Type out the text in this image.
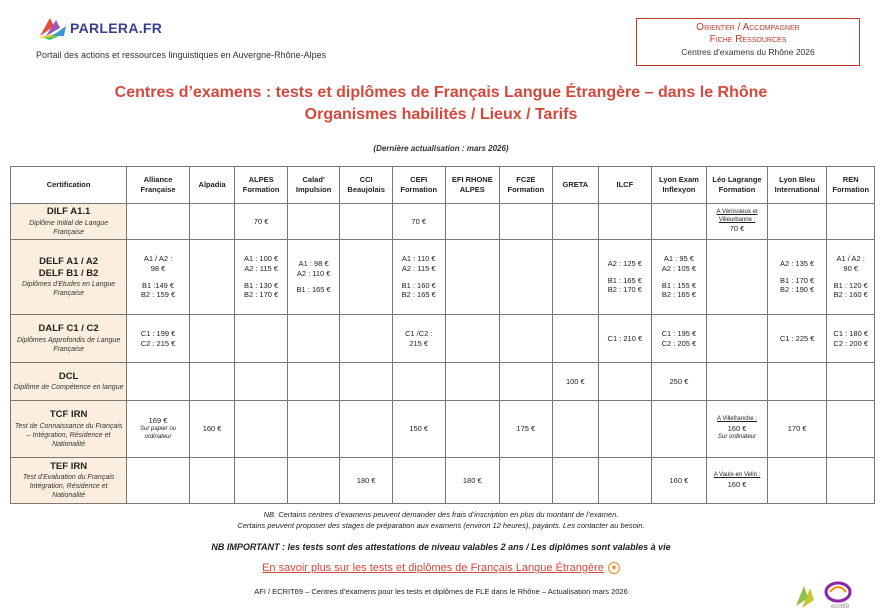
PARLERA.FR
Portail des actions et ressources linguistiques en Auvergne-Rhône-Alpes
Orienter / Accompagner
Fiche Ressources
Centres d'examens du Rhône 2026
Centres d’examens : tests et diplômes de Français Langue Étrangère – dans le Rhône
Organismes habilités / Lieux / Tarifs
(Dernière actualisation : mars 2026)
Certification	Alliance Française	Alpadia	ALPES Formation	Calad' Impulsion	CCI Beaujolais	CEFI Formation	EFI RHONE ALPES	FC2E Formation	GRETA	ILCF	Lyon Exam Inflexyon	Léo Lagrange Formation	Lyon Bleu International	REN Formation

DILF A1.1
Diplôme Initial de Langue Française			70 €			70 €						A Vénissieux et Villeurbanne :
70 €		

DELF A1 / A2
DELF B1 / B2
Diplômes d'Etudes en Langue Française	A1 / A2 :
98 €
B1 :149 €
B2 : 159 €		A1 : 100 €
A2 : 115 €
B1 : 130 €
B2 : 170 €	A1 : 98 €
A2 : 110 €
B1 : 165 €		A1 : 110 €
A2 : 115 €
B1 : 160 €
B2 : 165 €				A2 : 125 €
B1 : 165 €
B2 : 170 €	A1 : 95 €
A2 : 105 €
B1 : 155 €
B2 : 165 €		A2 : 135 €
B1 : 170 €
B2 : 190 €	A1 / A2 :
90 €
B1 : 120 €
B2 : 160 €

DALF C1 / C2
Diplômes Approfondis de Langue Française	C1 : 199 €
C2 : 215 €					C1 /C2 :
215 €				C1 : 210 €	C1 : 195 €
C2 : 205 €		C1 : 225 €	C1 : 180 €
C2 : 200 €

DCL
Diplôme de Compétence en langue									100 €		250 €			

TCF IRN
Test de Connaissance du Français – Intégration, Résidence et Nationalité	169 €
Sur papier ou ordinateur	160 €				150 €		175 €				A Villefranche :
160 €
Sur ordinateur	170 €	

TEF IRN
Test d'Evaluation du Français Intégration, Résidence et Nationalité					180 €		180 €				160 €	A Vaulx-en Velin :
160 €		

NB. Certains centres d’examens peuvent demander des frais d’inscription en plus du montant de l’examen.
Certains peuvent proposer des stages de préparation aux examens (environ 12 heures), payants. Les contacter au besoin.
NB IMPORTANT : les tests sont des attestations de niveau valables 2 ans / Les diplômes sont valables à vie
En savoir plus sur les tests et diplômes de Français Langue Étrangère ◉
AFI / ECRIT69 – Centres d’examens pour les tests et diplômes de FLE dans le Rhône – Actualisation mars 2026
ecrit69
